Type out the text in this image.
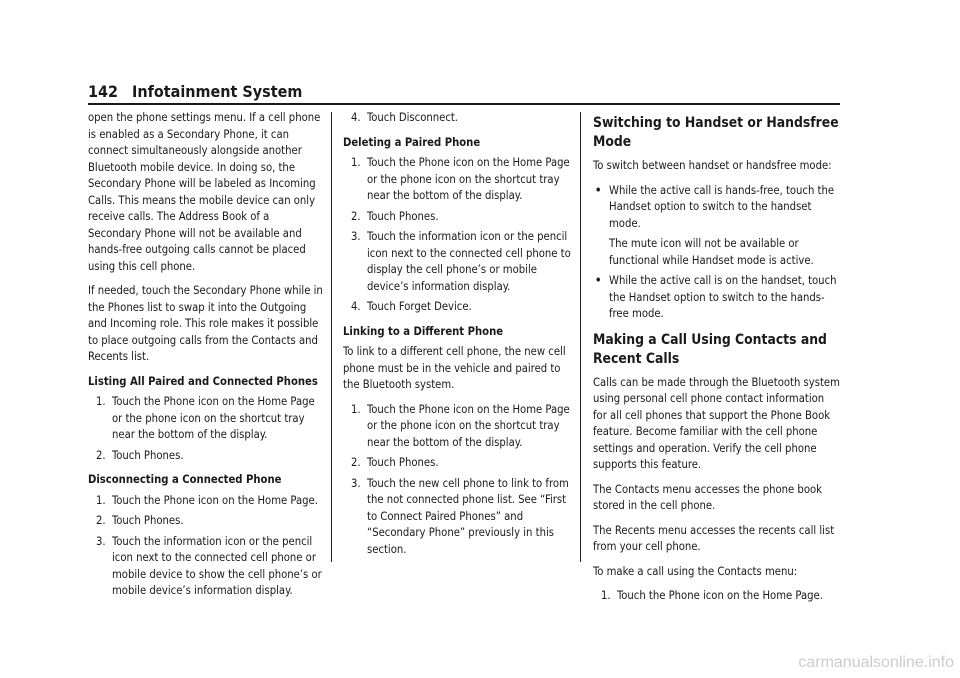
142 Infotainment System

open the phone settings menu. If a cell phone is enabled as a Secondary Phone, it can connect simultaneously alongside another Bluetooth mobile device. In doing so, the Secondary Phone will be labeled as Incoming Calls. This means the mobile device can only receive calls. The Address Book of a Secondary Phone will not be available and hands-free outgoing calls cannot be placed using this cell phone.

If needed, touch the Secondary Phone while in the Phones list to swap it into the Outgoing and Incoming role. This role makes it possible to place outgoing calls from the Contacts and Recents list.

Listing All Paired and Connected Phones
1. Touch the Phone icon on the Home Page or the phone icon on the shortcut tray near the bottom of the display.
2. Touch Phones.
Disconnecting a Connected Phone
1. Touch the Phone icon on the Home Page.
2. Touch Phones.
3. Touch the information icon or the pencil icon next to the connected cell phone or mobile device to show the cell phone’s or mobile device’s information display.
4. Touch Disconnect.
Deleting a Paired Phone
1. Touch the Phone icon on the Home Page or the phone icon on the shortcut tray near the bottom of the display.
2. Touch Phones.
3. Touch the information icon or the pencil icon next to the connected cell phone to display the cell phone’s or mobile device’s information display.
4. Touch Forget Device.
Linking to a Different Phone

To link to a different cell phone, the new cell phone must be in the vehicle and paired to the Bluetooth system.

1. Touch the Phone icon on the Home Page or the phone icon on the shortcut tray near the bottom of the display.
2. Touch Phones.
3. Touch the new cell phone to link to from the not connected phone list. See “First to Connect Paired Phones” and “Secondary Phone” previously in this section.
Switching to Handset or Handsfree Mode

To switch between handset or handsfree mode:

• While the active call is hands-free, touch the Handset option to switch to the handset mode.

The mute icon will not be available or functional while Handset mode is active.

• While the active call is on the handset, touch the Handset option to switch to the hands-free mode.
Making a Call Using Contacts and Recent Calls

Calls can be made through the Bluetooth system using personal cell phone contact information for all cell phones that support the Phone Book feature. Become familiar with the cell phone settings and operation. Verify the cell phone supports this feature.

The Contacts menu accesses the phone book stored in the cell phone.

The Recents menu accesses the recents call list from your cell phone.

To make a call using the Contacts menu:

1. Touch the Phone icon on the Home Page.
carmanualsonline.info
